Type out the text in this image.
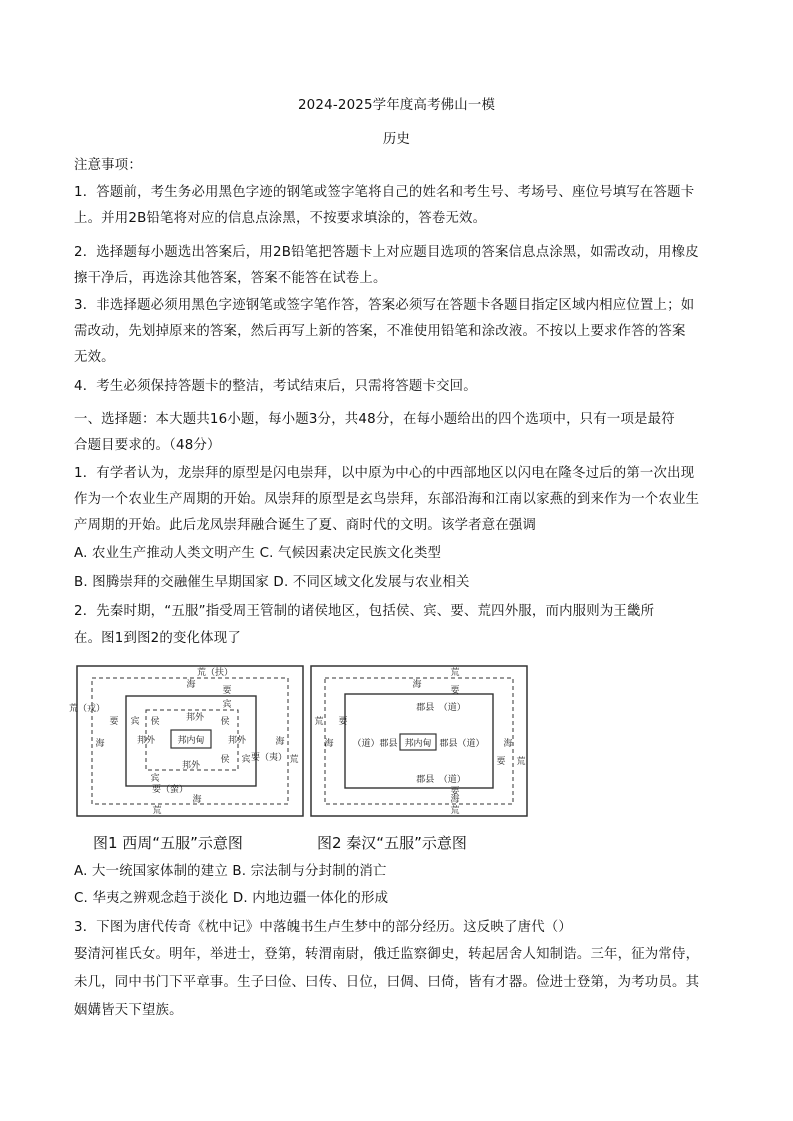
2024-2025学年度高考佛山一模
历史
注意事项：
1．答题前，考生务必用黑色字迹的钢笔或签字笔将自己的姓名和考生号、考场号、座位号填写在答题卡
上。并用2B铅笔将对应的信息点涂黑，不按要求填涂的，答卷无效。
2．选择题每小题选出答案后，用2B铅笔把答题卡上对应题目选项的答案信息点涂黑，如需改动，用橡皮
擦干净后，再选涂其他答案，答案不能答在试卷上。
3．非选择题必须用黑色字迹钢笔或签字笔作答，答案必须写在答题卡各题目指定区域内相应位置上；如
需改动，先划掉原来的答案，然后再写上新的答案，不准使用铅笔和涂改液。不按以上要求作答的答案
无效。
4．考生必须保持答题卡的整洁，考试结束后，只需将答题卡交回。
一、选择题：本大题共16小题，每小题3分，共48分，在每小题给出的四个选项中，只有一项是最符
合题目要求的。（48分）
1．有学者认为，龙崇拜的原型是闪电崇拜，以中原为中心的中西部地区以闪电在隆冬过后的第一次出现
作为一个农业生产周期的开始。凤崇拜的原型是玄鸟崇拜，东部沿海和江南以家燕的到来作为一个农业生
产周期的开始。此后龙凤崇拜融合诞生了夏、商时代的文明。该学者意在强调
A. 农业生产推动人类文明产生 C. 气候因素决定民族文化类型
B. 图腾崇拜的交融催生早期国家 D. 不同区域文化发展与农业相关
2．先秦时期，“五服”指受周王管制的诸侯地区，包括侯、宾、要、荒四外服，而内服则为王畿所
在。图1到图2的变化体现了
荒（扶）
海
要
宾
邦外 侯
侯
宾
邦外 邦内甸	邦外
侯 宾
邦外
宾
要
荒（戎）
海
要（夷）
海
荒
要（蛮）
海
荒
荒
海
要
郡县　（道）
荒
海
要
（道）郡县 邦内甸 郡县（道）
要
海
荒
郡县　（道）
要
海
荒
图1 西周“五服”示意图	图2 秦汉“五服”示意图
A. 大一统国家体制的建立 B. 宗法制与分封制的消亡
C. 华夷之辨观念趋于淡化 D. 内地边疆一体化的形成
3．下图为唐代传奇《枕中记》中落魄书生卢生梦中的部分经历。这反映了唐代（）
娶清河崔氏女。明年，举进士，登第，转渭南尉，俄迁监察御史，转起居舍人知制诰。三年，征为常侍，
未几，同中书门下平章事。生子曰俭、曰传、日位，曰倜、曰倚，皆有才器。俭进士登第，为考功员。其
姻媾皆天下望族。
